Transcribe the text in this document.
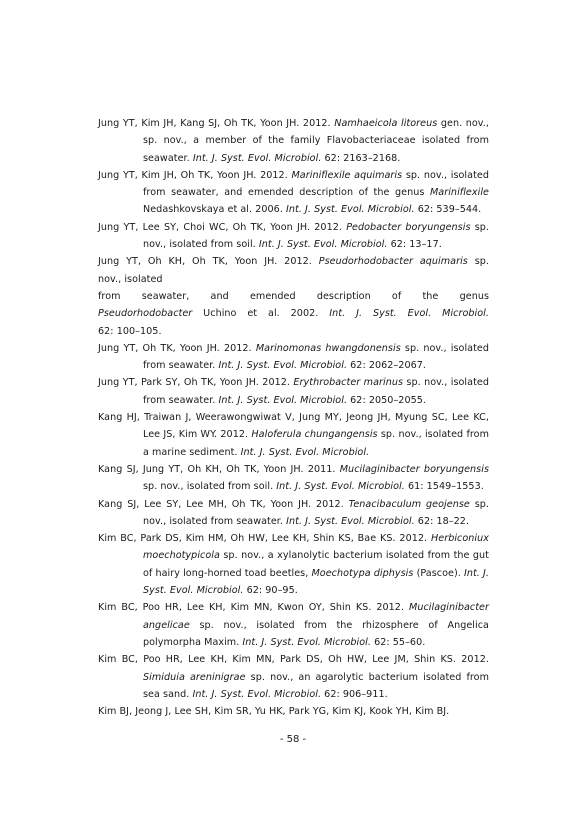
Jung YT, Kim JH, Kang SJ, Oh TK, Yoon JH. 2012. Namhaeicola litoreus gen. nov., sp. nov., a member of the family Flavobacteriaceae isolated from seawater. Int. J. Syst. Evol. Microbiol. 62: 2163–2168.
Jung YT, Kim JH, Oh TK, Yoon JH. 2012. Mariniflexile aquimaris sp. nov., isolated from seawater, and emended description of the genus Mariniflexile Nedashkovskaya et al. 2006. Int. J. Syst. Evol. Microbiol. 62: 539–544.
Jung YT, Lee SY, Choi WC, Oh TK, Yoon JH. 2012. Pedobacter boryungensis sp. nov., isolated from soil. Int. J. Syst. Evol. Microbiol. 62: 13–17.
Jung YT, Oh KH, Oh TK, Yoon JH. 2012. Pseudorhodobacter aquimaris sp.
nov., isolated
from seawater, and emended description of the genus
Pseudorhodobacter Uchino et al. 2002. Int. J. Syst. Evol. Microbiol.
62: 100–105.
Jung YT, Oh TK, Yoon JH. 2012. Marinomonas hwangdonensis sp. nov., isolated from seawater. Int. J. Syst. Evol. Microbiol. 62: 2062–2067.
Jung YT, Park SY, Oh TK, Yoon JH. 2012. Erythrobacter marinus sp. nov., isolated from seawater. Int. J. Syst. Evol. Microbiol. 62: 2050–2055.
Kang HJ, Traiwan J, Weerawongwiwat V, Jung MY, Jeong JH, Myung SC, Lee KC, Lee JS, Kim WY. 2012. Haloferula chungangensis sp. nov., isolated from a marine sediment. Int. J. Syst. Evol. Microbiol.
Kang SJ, Jung YT, Oh KH, Oh TK, Yoon JH. 2011. Mucilaginibacter boryungensis sp. nov., isolated from soil. Int. J. Syst. Evol. Microbiol. 61: 1549–1553.
Kang SJ, Lee SY, Lee MH, Oh TK, Yoon JH. 2012. Tenacibaculum geojense sp. nov., isolated from seawater. Int. J. Syst. Evol. Microbiol. 62: 18–22.
Kim BC, Park DS, Kim HM, Oh HW, Lee KH, Shin KS, Bae KS. 2012. Herbiconiux moechotypicola sp. nov., a xylanolytic bacterium isolated from the gut of hairy long-horned toad beetles, Moechotypa diphysis (Pascoe). Int. J. Syst. Evol. Microbiol. 62: 90–95.
Kim BC, Poo HR, Lee KH, Kim MN, Kwon OY, Shin KS. 2012. Mucilaginibacter angelicae sp. nov., isolated from the rhizosphere of Angelica polymorpha Maxim. Int. J. Syst. Evol. Microbiol. 62: 55–60.
Kim BC, Poo HR, Lee KH, Kim MN, Park DS, Oh HW, Lee JM, Shin KS. 2012. Simiduia areninigrae sp. nov., an agarolytic bacterium isolated from sea sand. Int. J. Syst. Evol. Microbiol. 62: 906–911.
Kim BJ, Jeong J, Lee SH, Kim SR, Yu HK, Park YG, Kim KJ, Kook YH, Kim BJ.
- 58 -
